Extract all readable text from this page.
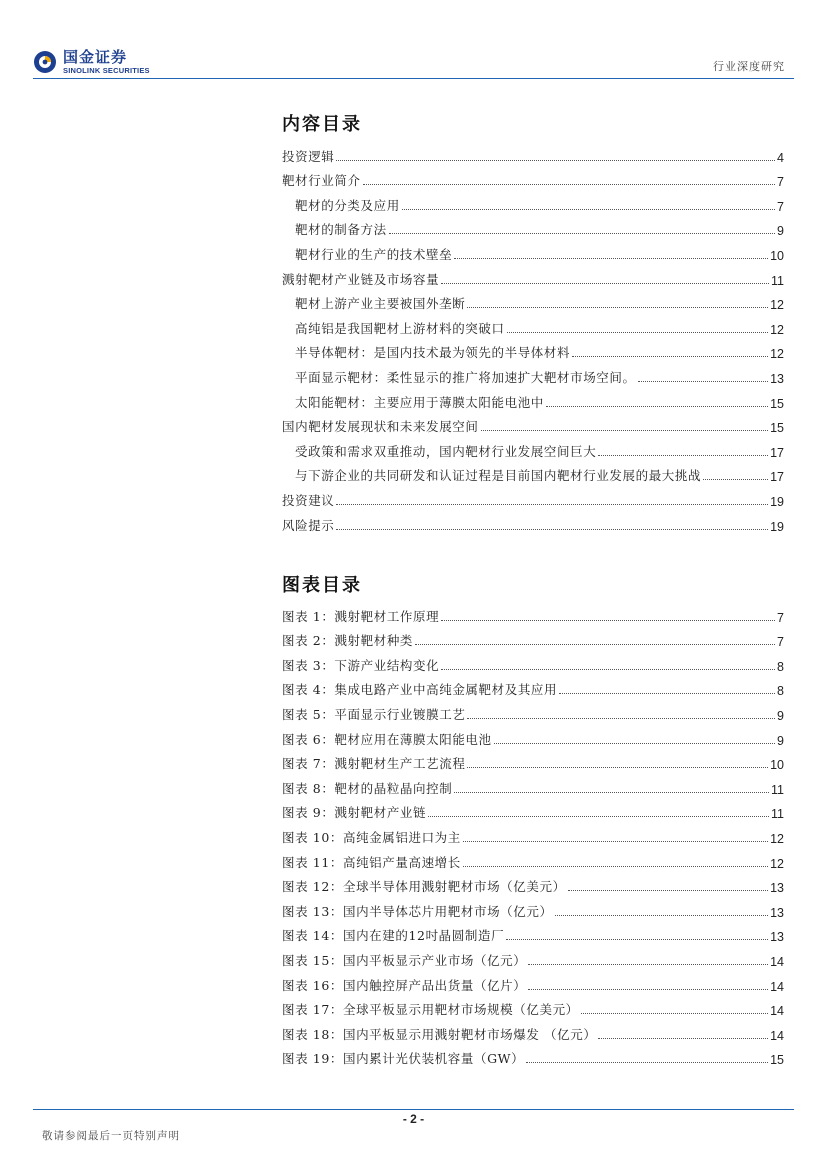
国金证券
SINOLINK SECURITIES	行业深度研究
内容目录
投资逻辑	4
靶材行业简介	7
靶材的分类及应用	7
靶材的制备方法	9
靶材行业的生产的技术壁垒	10
溅射靶材产业链及市场容量	11
靶材上游产业主要被国外垄断	12
高纯铝是我国靶材上游材料的突破口	12
半导体靶材：是国内技术最为领先的半导体材料	12
平面显示靶材：柔性显示的推广将加速扩大靶材市场空间。	13
太阳能靶材：主要应用于薄膜太阳能电池中	15
国内靶材发展现状和未来发展空间	15
受政策和需求双重推动，国内靶材行业发展空间巨大	17
与下游企业的共同研发和认证过程是目前国内靶材行业发展的最大挑战	17
投资建议	19
风险提示	19
图表目录
图表 1：溅射靶材工作原理	7
图表 2：溅射靶材种类	7
图表 3：下游产业结构变化	8
图表 4：集成电路产业中高纯金属靶材及其应用	8
图表 5：平面显示行业镀膜工艺	9
图表 6：靶材应用在薄膜太阳能电池	9
图表 7：溅射靶材生产工艺流程	10
图表 8：靶材的晶粒晶向控制	11
图表 9：溅射靶材产业链	11
图表 10：高纯金属铝进口为主	12
图表 11：高纯铝产量高速增长	12
图表 12：全球半导体用溅射靶材市场（亿美元）	13
图表 13：国内半导体芯片用靶材市场（亿元）	13
图表 14：国内在建的12吋晶圆制造厂	13
图表 15：国内平板显示产业市场（亿元）	14
图表 16：国内触控屏产品出货量（亿片）	14
图表 17：全球平板显示用靶材市场规模（亿美元）	14
图表 18：国内平板显示用溅射靶材市场爆发 （亿元）	14
图表 19：国内累计光伏装机容量（GW）	15
- 2 -
敬请参阅最后一页特别声明
